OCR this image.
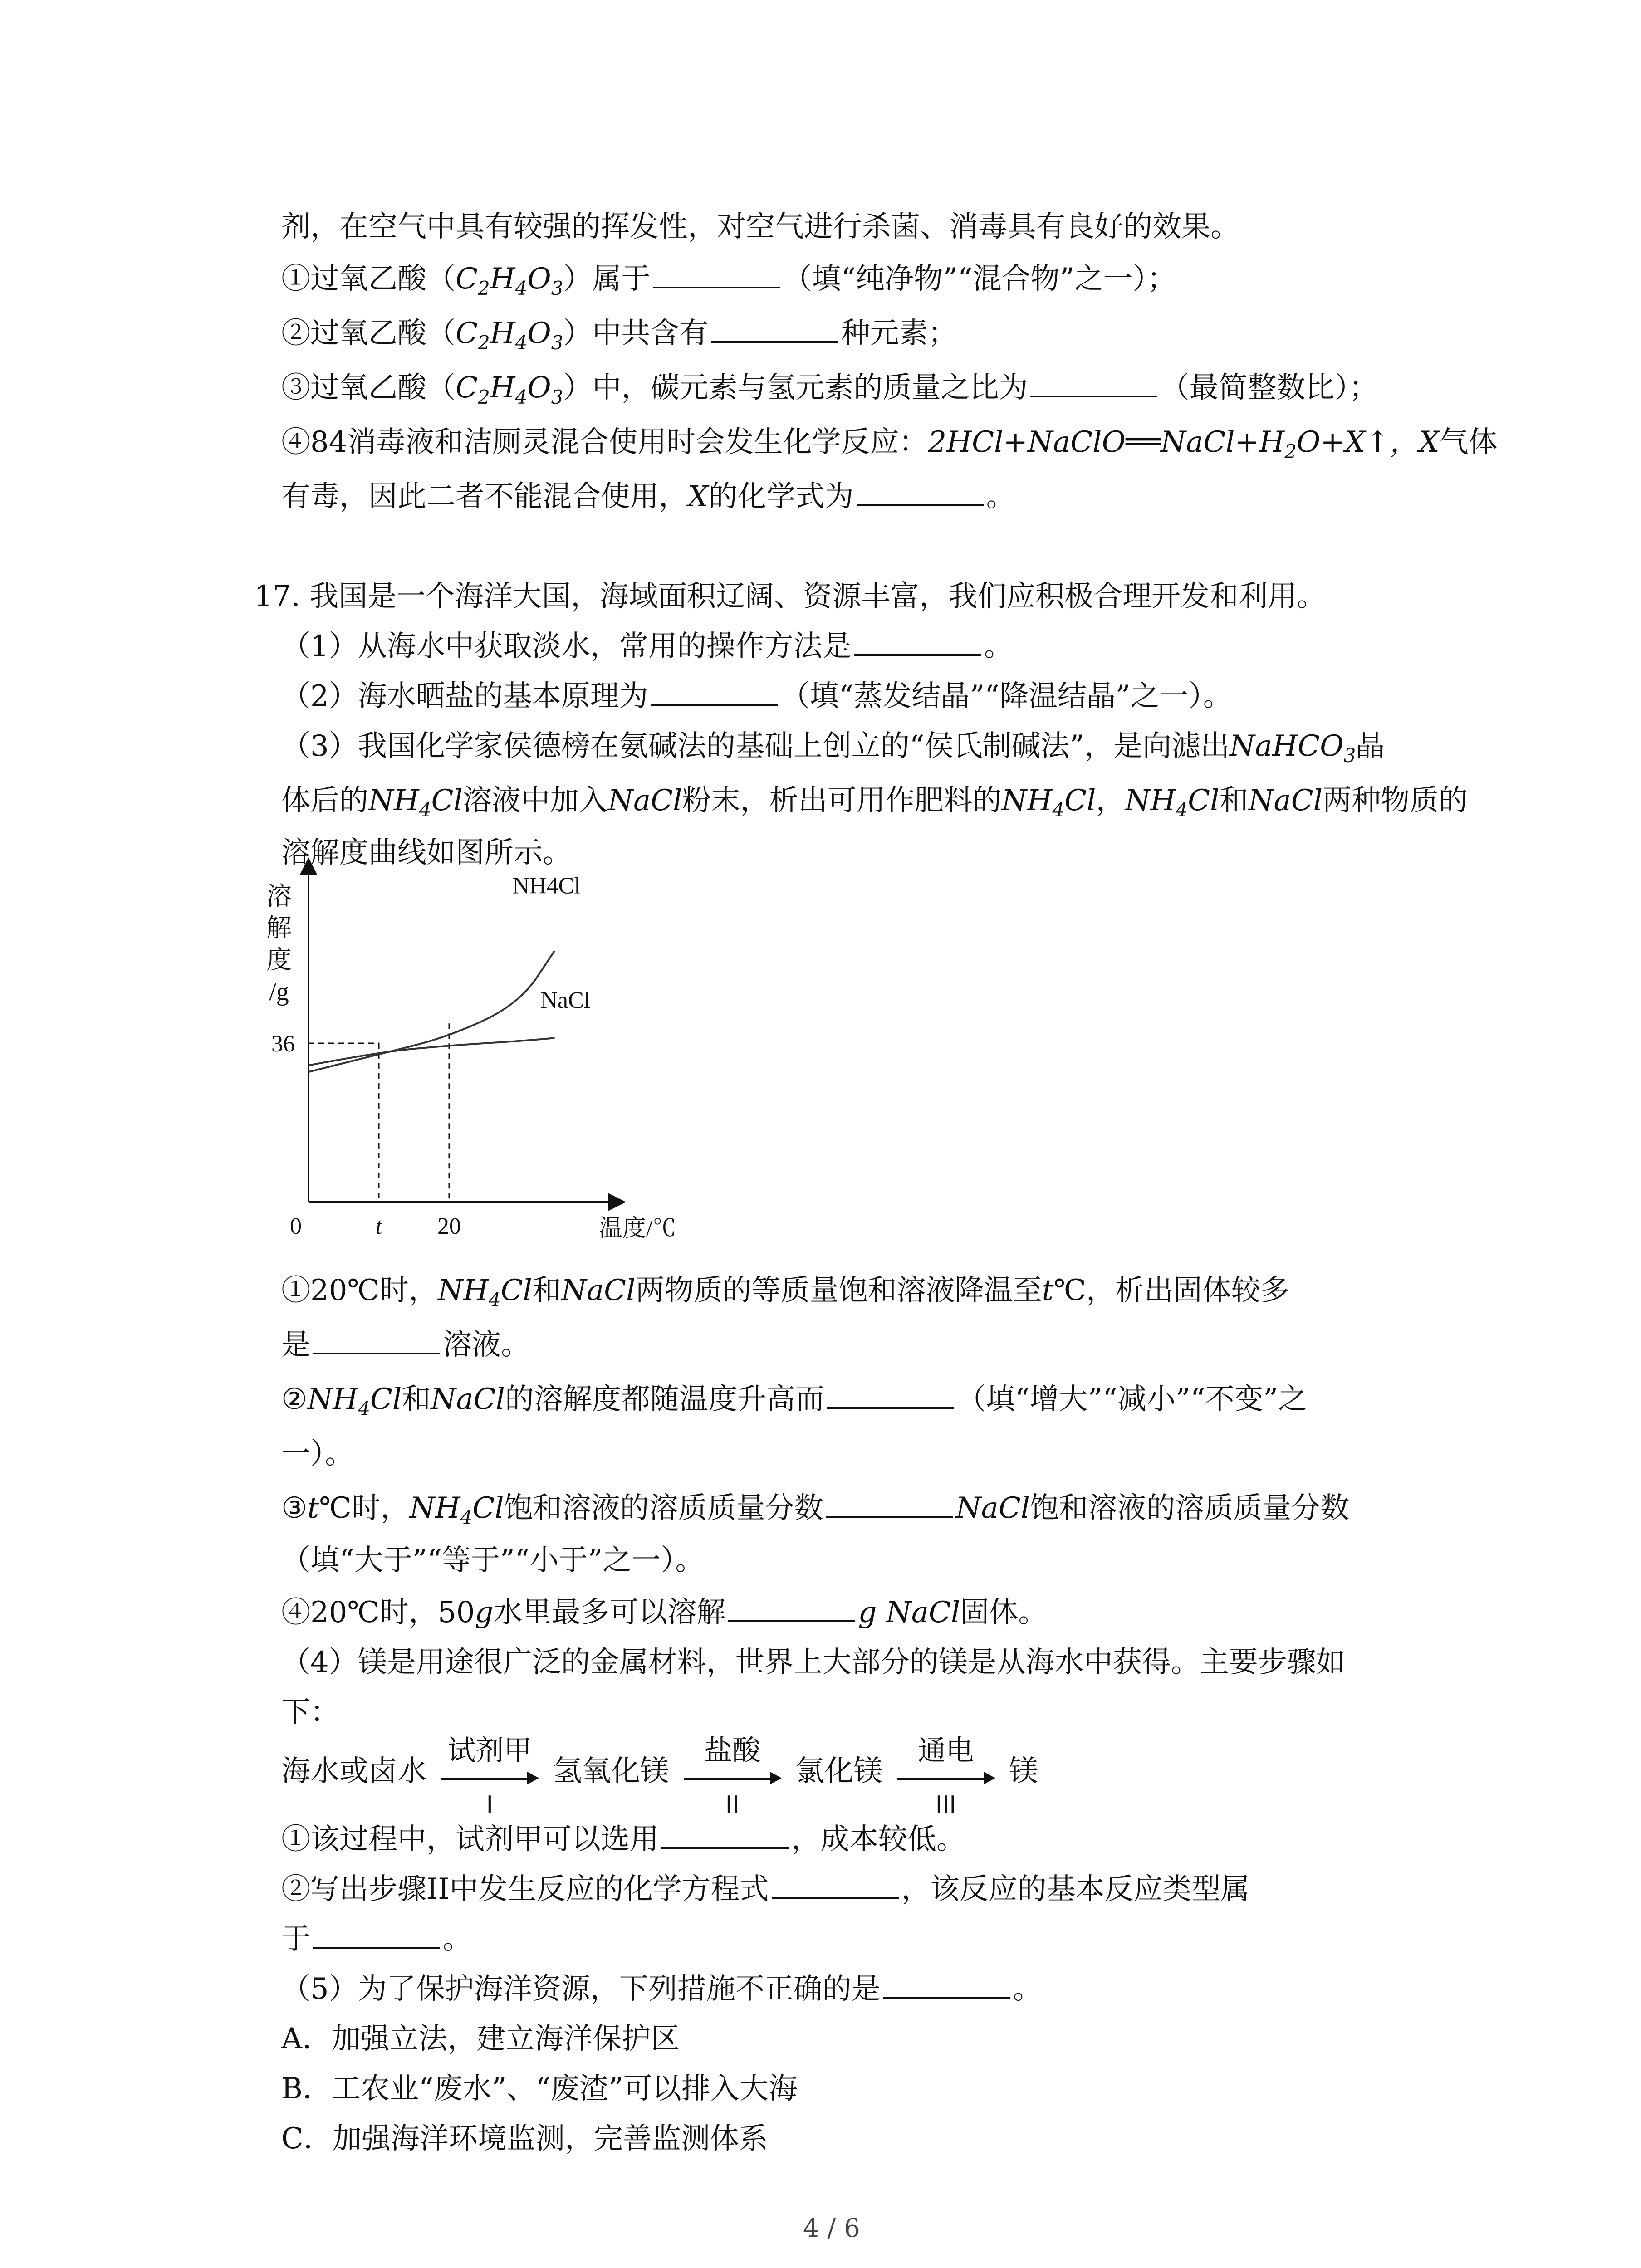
剂，在空气中具有较强的挥发性，对空气进行杀菌、消毒具有良好的效果。
①过氧乙酸$(C_2H_4O_3)$属于	（填“纯净物”“混合物”之一）；
②过氧乙酸$(C_2H_4O_3)$中共含有	种元素；
③过氧乙酸$(C_2H_4O_3)$中，碳元素与氢元素的质量之比为	（最简整数比）；
④84消毒液和洁厕灵混合使用时会发生化学反应：$2HCl+NaClO══NaCl+H_2O+X↑$，X气体
有毒，因此二者不能混合使用，X的化学式为	。
17. 我国是一个海洋大国，海域面积辽阔、资源丰富，我们应积极合理开发和利用。
（1）从海水中获取淡水，常用的操作方法是	。
（2）海水晒盐的基本原理为	（填“蒸发结晶”“降温结晶”之一）。
（3）我国化学家侯德榜在氨碱法的基础上创立的“侯氏制碱法”，是向滤出NaHCO$_3$晶
体后的$NH_4Cl$溶液中加入NaCl粉末，析出可用作肥料的$NH_4Cl$，$NH_4Cl$和NaCl两种物质的
溶解度曲线如图所示。
溶
解
度
/g
温度/℃
0	t 20
36
NH4Cl
NaCl
①20℃时，$NH_4Cl$和NaCl两物质的等质量饱和溶液降温至t℃，析出固体较多
是	溶液。
$②NH_4Cl$和NaCl的溶解度都随温度升高而	（填“增大”“减小”“不变”之
一）。
③t℃时，$NH_4Cl$饱和溶液的溶质质量分数	NaCl饱和溶液的溶质质量分数
（填“大于”“等于”“小于”之一）。
④20℃时，50g水里最多可以溶解	g NaCl固体。
（4）镁是用途很广泛的金属材料，世界上大部分的镁是从海水中获得。主要步骤如
下：
海水或卤水
试剂甲
I
氢氧化镁
盐酸
II
氯化镁
通电
III
镁
①该过程中，试剂甲可以选用	，成本较低。
②写出步骤II中发生反应的化学方程式	，该反应的基本反应类型属
于	。
（5）为了保护海洋资源，下列措施不正确的是	。
A．加强立法，建立海洋保护区
B．工农业“废水”、“废渣”可以排入大海
C．加强海洋环境监测，完善监测体系
4 / 6
